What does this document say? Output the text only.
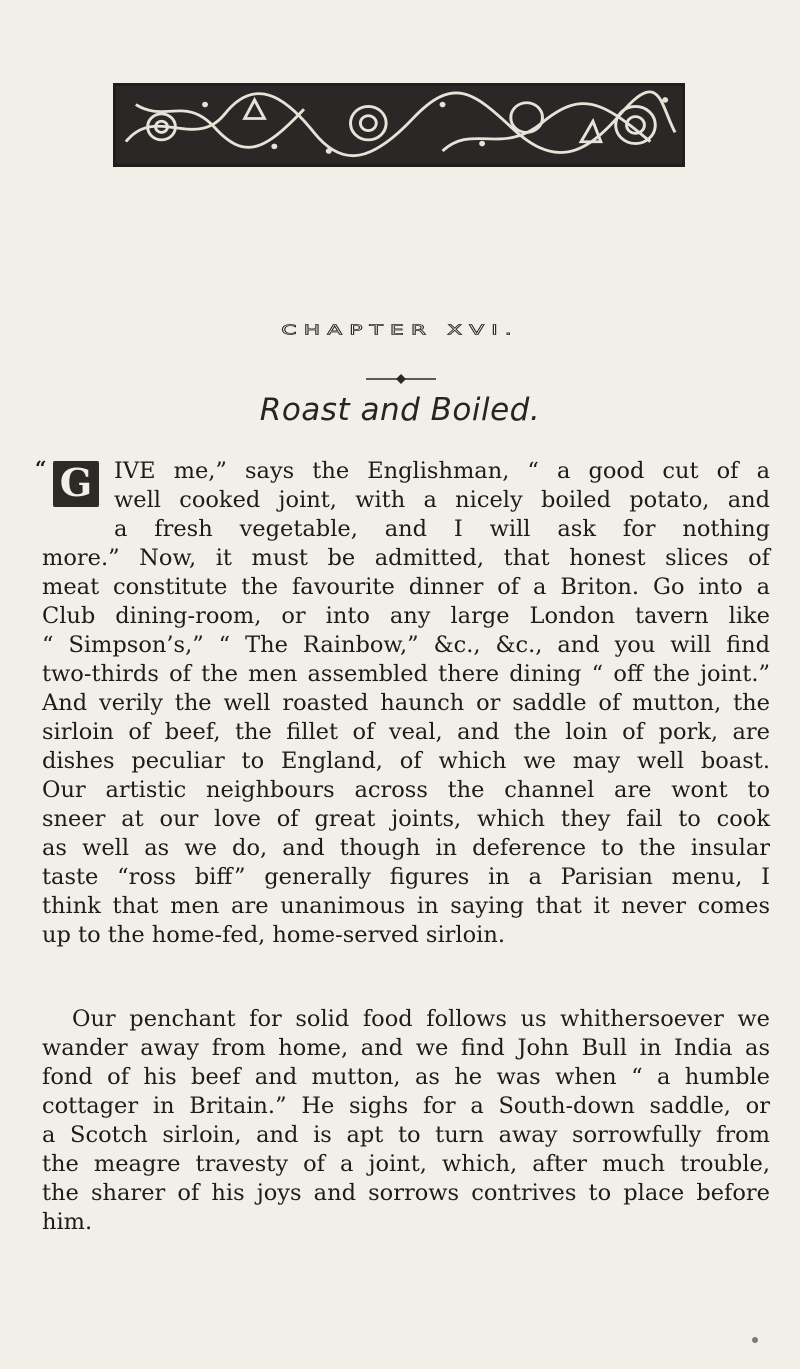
CHAPTER XVI.
Roast and Boiled.
“ G IVE me,” says the Englishman, “ a good cut of a
well cooked joint, with a nicely boiled potato, and
a fresh vegetable, and I will ask for nothing
more.” Now, it must be admitted, that honest slices of
meat constitute the favourite dinner of a Briton. Go into a
Club dining-room, or into any large London tavern like
“ Simpson’s,” “ The Rainbow,” &c., &c., and you will find
two-thirds of the men assembled there dining “ off the joint.”
And verily the well roasted haunch or saddle of mutton, the
sirloin of beef, the fillet of veal, and the loin of pork, are
dishes peculiar to England, of which we may well boast.
Our artistic neighbours across the channel are wont to
sneer at our love of great joints, which they fail to cook
as well as we do, and though in deference to the insular
taste “ross biff” generally figures in a Parisian menu, I
think that men are unanimous in saying that it never comes
up to the home-fed, home-served sirloin.

Our penchant for solid food follows us whithersoever we
wander away from home, and we find John Bull in India as
fond of his beef and mutton, as he was when “ a humble
cottager in Britain.” He sighs for a South-down saddle, or
a Scotch sirloin, and is apt to turn away sorrowfully from
the meagre travesty of a joint, which, after much trouble,
the sharer of his joys and sorrows contrives to place before
him.
